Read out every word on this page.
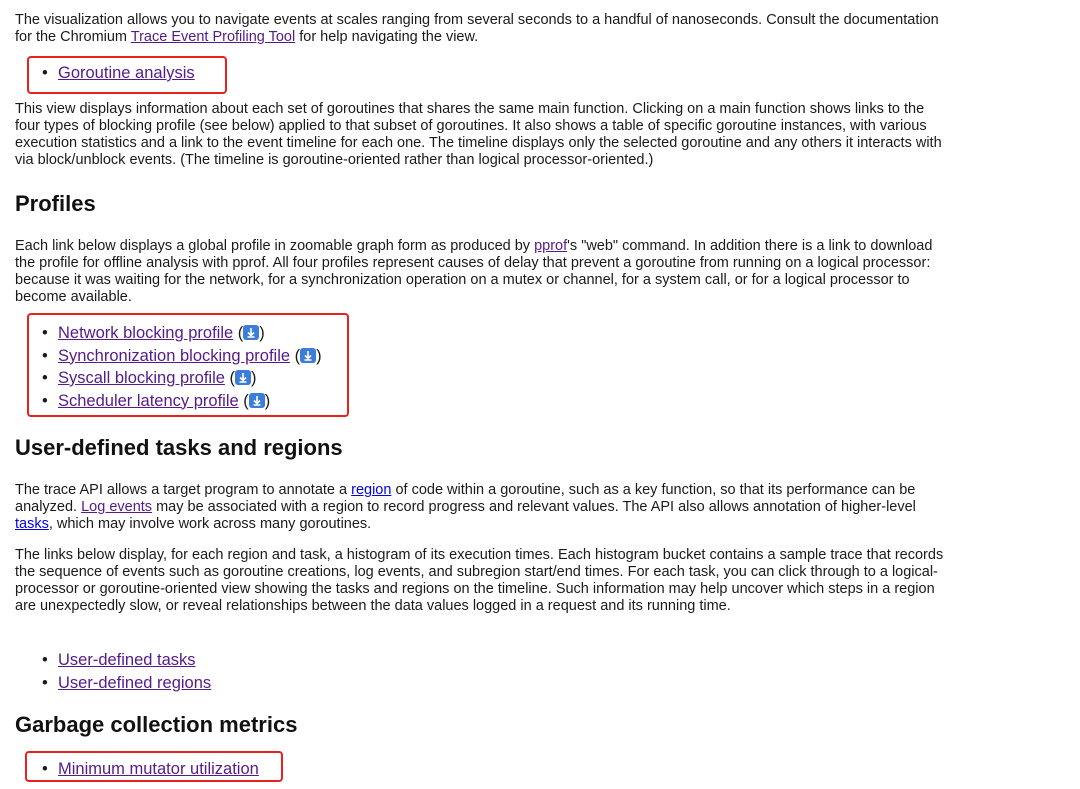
The visualization allows you to navigate events at scales ranging from several seconds to a handful of nanoseconds. Consult the documentation for the Chromium Trace Event Profiling Tool for help navigating the view.

• Goroutine analysis

This view displays information about each set of goroutines that shares the same main function. Clicking on a main function shows links to the four types of blocking profile (see below) applied to that subset of goroutines. It also shows a table of specific goroutine instances, with various execution statistics and a link to the event timeline for each one. The timeline displays only the selected goroutine and any others it interacts with via block/unblock events. (The timeline is goroutine-oriented rather than logical processor-oriented.)

Profiles

Each link below displays a global profile in zoomable graph form as produced by pprof's "web" command. In addition there is a link to download the profile for offline analysis with pprof. All four profiles represent causes of delay that prevent a goroutine from running on a logical processor: because it was waiting for the network, for a synchronization operation on a mutex or channel, for a system call, or for a logical processor to become available.

• Network blocking profile ( )
• Synchronization blocking profile ( )
• Syscall blocking profile ( )
• Scheduler latency profile ( )
User-defined tasks and regions

The trace API allows a target program to annotate a region of code within a goroutine, such as a key function, so that its performance can be analyzed. Log events may be associated with a region to record progress and relevant values. The API also allows annotation of higher-level tasks, which may involve work across many goroutines.

The links below display, for each region and task, a histogram of its execution times. Each histogram bucket contains a sample trace that records the sequence of events such as goroutine creations, log events, and subregion start/end times. For each task, you can click through to a logical-processor or goroutine-oriented view showing the tasks and regions on the timeline. Such information may help uncover which steps in a region are unexpectedly slow, or reveal relationships between the data values logged in a request and its running time.

• User-defined tasks
• User-defined regions
Garbage collection metrics
• Minimum mutator utilization
